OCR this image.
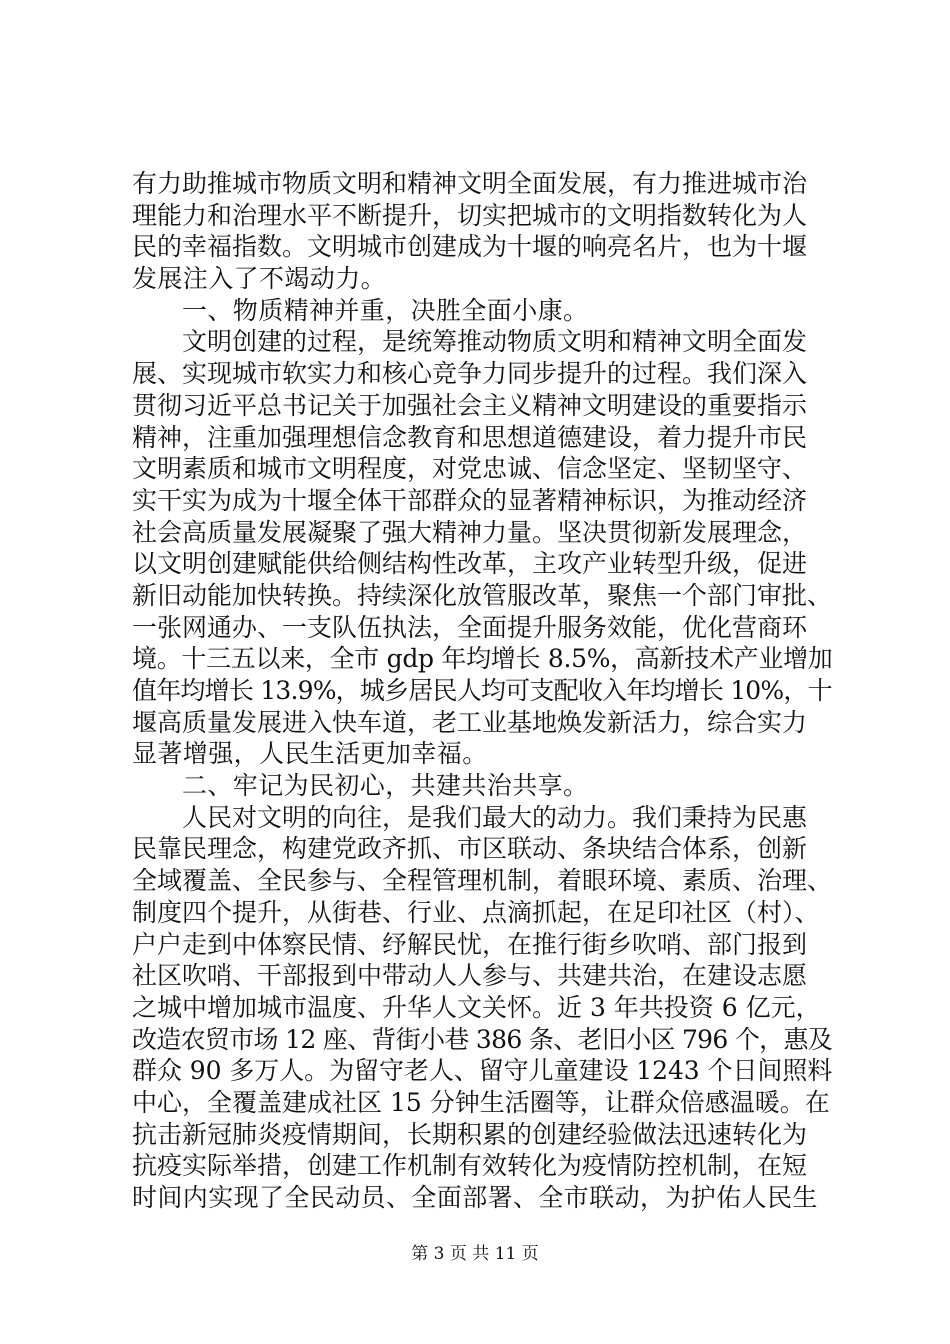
有力助推城市物质文明和精神文明全面发展，有力推进城市治
理能力和治理水平不断提升，切实把城市的文明指数转化为人
民的幸福指数。文明城市创建成为十堰的响亮名片，也为十堰
发展注入了不竭动力。
一、物质精神并重，决胜全面小康。
文明创建的过程，是统筹推动物质文明和精神文明全面发
展、实现城市软实力和核心竞争力同步提升的过程。我们深入
贯彻习近平总书记关于加强社会主义精神文明建设的重要指示
精神，注重加强理想信念教育和思想道德建设，着力提升市民
文明素质和城市文明程度，对党忠诚、信念坚定、坚韧坚守、
实干实为成为十堰全体干部群众的显著精神标识，为推动经济
社会高质量发展凝聚了强大精神力量。坚决贯彻新发展理念，
以文明创建赋能供给侧结构性改革，主攻产业转型升级，促进
新旧动能加快转换。持续深化放管服改革，聚焦一个部门审批、
一张网通办、一支队伍执法，全面提升服务效能，优化营商环
境。十三五以来，全市 gdp 年均增长 8.5%，高新技术产业增加
值年均增长 13.9%，城乡居民人均可支配收入年均增长 10%，十
堰高质量发展进入快车道，老工业基地焕发新活力，综合实力
显著增强，人民生活更加幸福。
二、牢记为民初心，共建共治共享。
人民对文明的向往，是我们最大的动力。我们秉持为民惠
民靠民理念，构建党政齐抓、市区联动、条块结合体系，创新
全域覆盖、全民参与、全程管理机制，着眼环境、素质、治理、
制度四个提升，从街巷、行业、点滴抓起，在足印社区（村）、
户户走到中体察民情、纾解民忧，在推行街乡吹哨、部门报到
社区吹哨、干部报到中带动人人参与、共建共治，在建设志愿
之城中增加城市温度、升华人文关怀。近 3 年共投资 6 亿元，
改造农贸市场 12 座、背街小巷 386 条、老旧小区 796 个，惠及
群众 90 多万人。为留守老人、留守儿童建设 1243 个日间照料
中心，全覆盖建成社区 15 分钟生活圈等，让群众倍感温暖。在
抗击新冠肺炎疫情期间，长期积累的创建经验做法迅速转化为
抗疫实际举措，创建工作机制有效转化为疫情防控机制，在短
时间内实现了全民动员、全面部署、全市联动，为护佑人民生
第 3 页 共 11 页
